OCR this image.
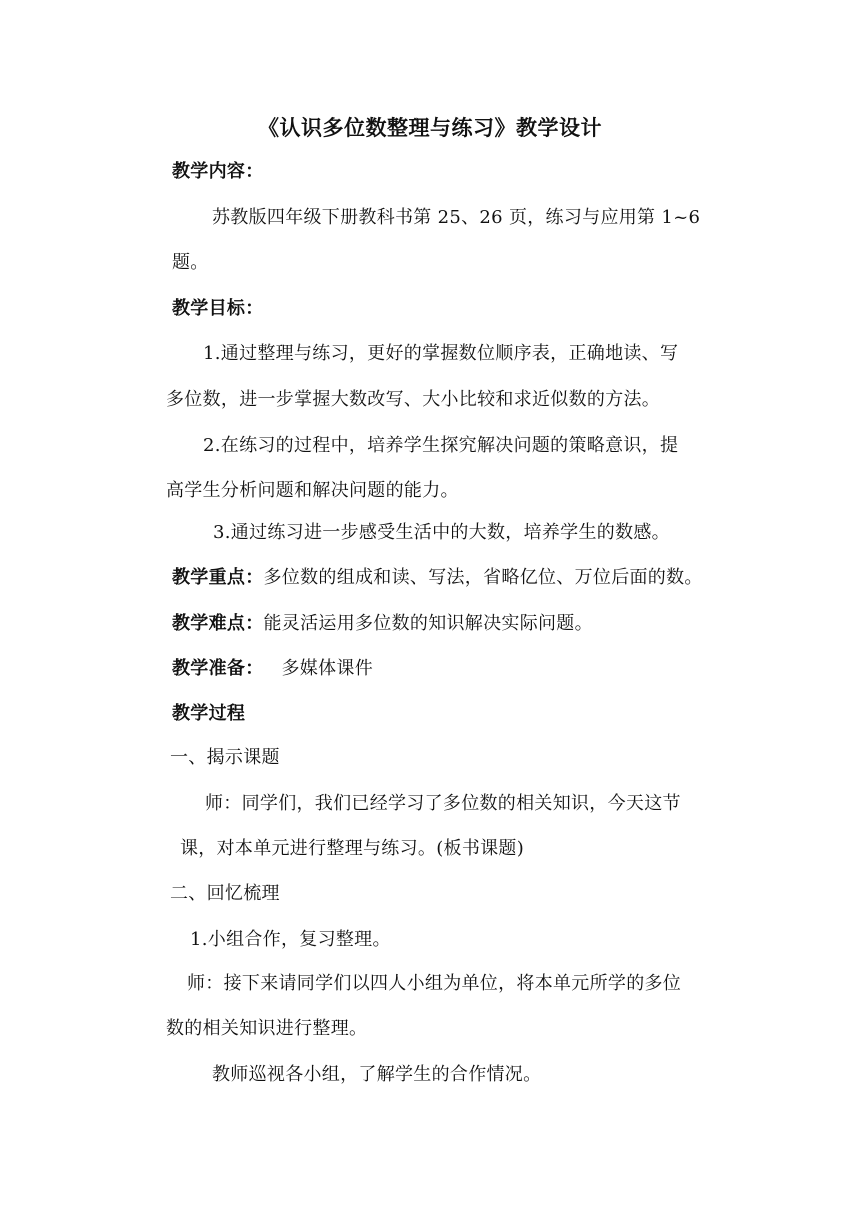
《认识多位数整理与练习》教学设计

教学内容：

苏教版四年级下册教科书第 25、26 页，练习与应用第 1~6

题。

教学目标：

1.通过整理与练习，更好的掌握数位顺序表，正确地读、写

多位数，进一步掌握大数改写、大小比较和求近似数的方法。

2.在练习的过程中，培养学生探究解决问题的策略意识，提

高学生分析问题和解决问题的能力。

3.通过练习进一步感受生活中的大数，培养学生的数感。

教学重点：多位数的组成和读、写法，省略亿位、万位后面的数。

教学难点：能灵活运用多位数的知识解决实际问题。

教学准备： 多媒体课件

教学过程

一、揭示课题

师：同学们，我们已经学习了多位数的相关知识，今天这节

课，对本单元进行整理与练习。(板书课题)

二、回忆梳理

1.小组合作，复习整理。

师：接下来请同学们以四人小组为单位，将本单元所学的多位

数的相关知识进行整理。

教师巡视各小组，了解学生的合作情况。
